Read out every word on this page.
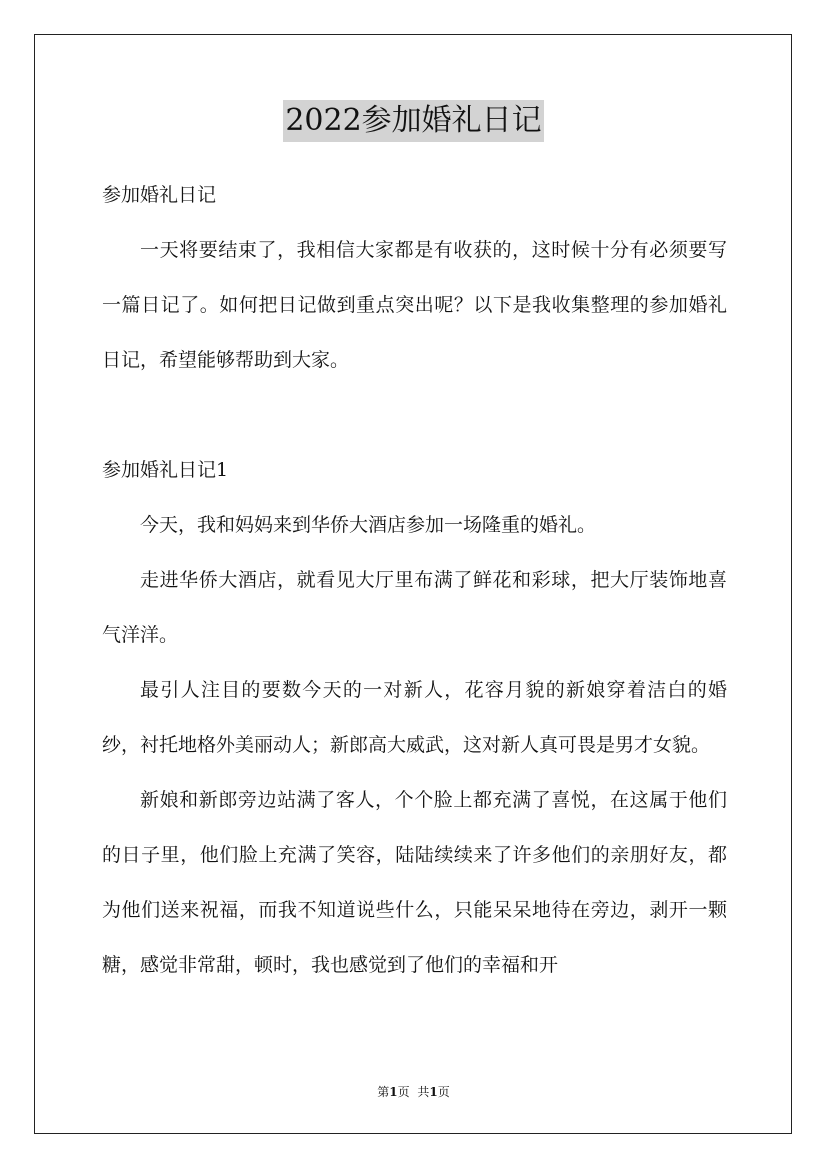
2022参加婚礼日记

参加婚礼日记

一天将要结束了，我相信大家都是有收获的，这时候十分有必须要写一篇日记了。如何把日记做到重点突出呢？以下是我收集整理的参加婚礼日记，希望能够帮助到大家。

参加婚礼日记1

今天，我和妈妈来到华侨大酒店参加一场隆重的婚礼。

走进华侨大酒店，就看见大厅里布满了鲜花和彩球，把大厅装饰地喜气洋洋。

最引人注目的要数今天的一对新人，花容月貌的新娘穿着洁白的婚纱，衬托地格外美丽动人；新郎高大威武，这对新人真可畏是男才女貌。

新娘和新郎旁边站满了客人，个个脸上都充满了喜悦，在这属于他们的日子里，他们脸上充满了笑容，陆陆续续来了许多他们的亲朋好友，都为他们送来祝福，而我不知道说些什么，只能呆呆地待在旁边，剥开一颗糖，感觉非常甜，顿时，我也感觉到了他们的幸福和开

第1页 共1页
